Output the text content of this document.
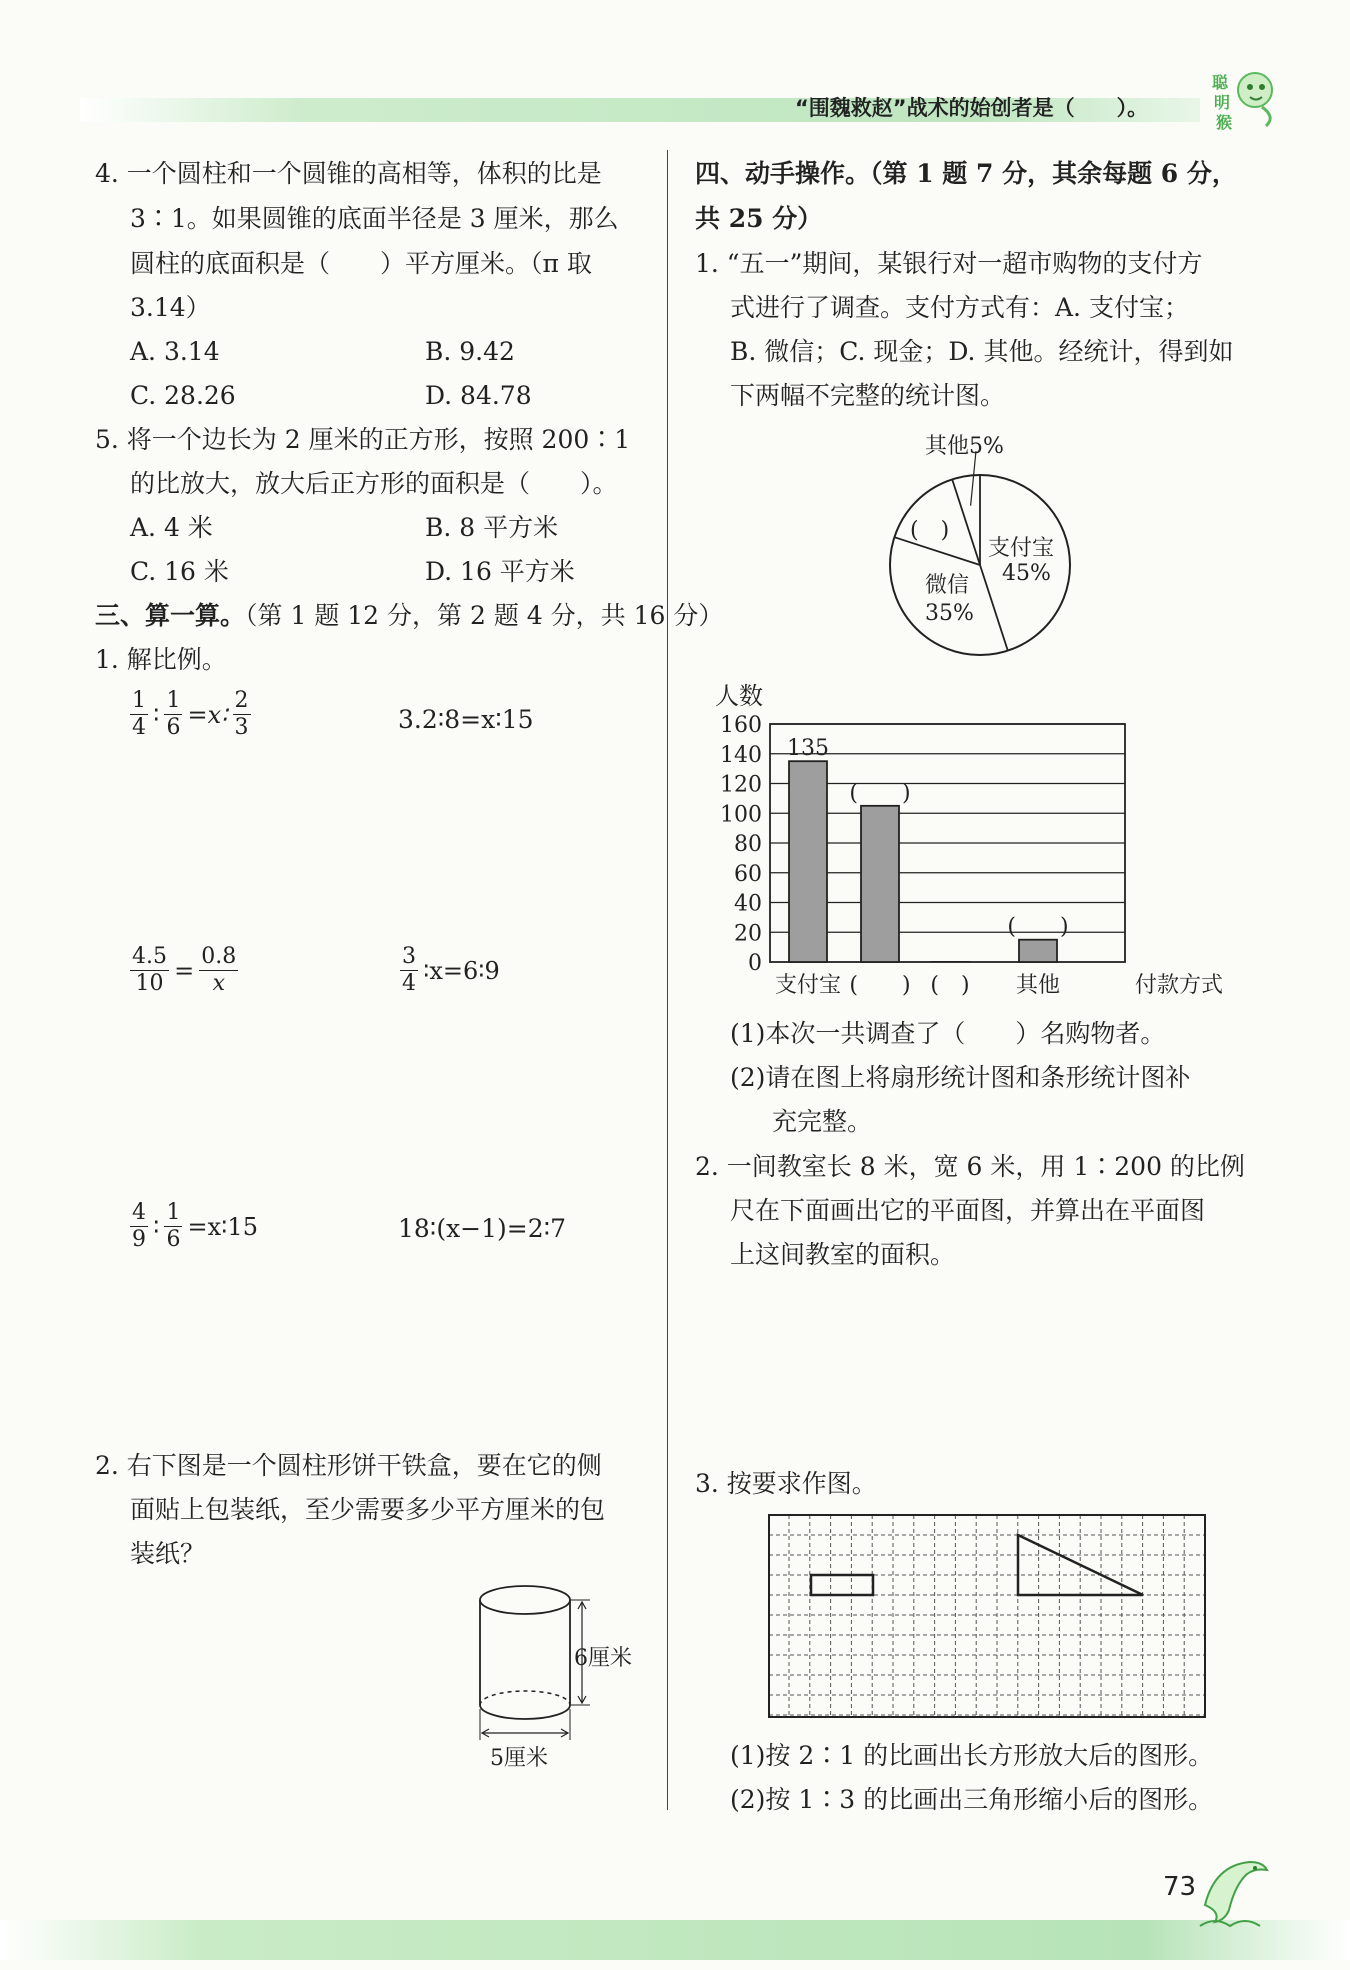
“围魏救赵”战术的始创者是（　　）。
聪
明
猴
4. 一个圆柱和一个圆锥的高相等，体积的比是
3∶1。如果圆锥的底面半径是 3 厘米，那么
圆柱的底面积是（　　）平方厘米。（π 取
3.14）
A. 3.14	B. 9.42
C. 28.26	D. 84.78
5. 将一个边长为 2 厘米的正方形，按照 200∶1
的比放大，放大后正方形的面积是（　　）。
A. 4 米	B. 8 平方米
C. 16 米	D. 16 平方米
三、算一算。（第 1 题 12 分，第 2 题 4 分，共 16 分）
1. 解比例。
$\frac{1}{4}$ ∶ $\frac{1}{6}$ =x∶ $\frac{2}{3}$	3.2∶8=x∶15
$\frac{4.5}{10} = \frac{0.8}{x}$	$\frac{3}{4}$ ∶x=6∶9
$\frac{4}{9}$ ∶ $\frac{1}{6}$ =x∶15	18∶(x−1)=2∶7
2. 右下图是一个圆柱形饼干铁盒，要在它的侧
面贴上包装纸，至少需要多少平方厘米的包
装纸？
6厘米
5厘米
四、动手操作。（第 1 题 7 分，其余每题 6 分，
共 25 分）
1. “五一”期间，某银行对一超市购物的支付方
式进行了调查。支付方式有：A. 支付宝；
B. 微信；C. 现金；D. 其他。经统计，得到如
下两幅不完整的统计图。
其他5%
支付宝
45%
微信
35%
(　)
0
20
40
60
80
100
120
140
160
人数
135
支付宝
(　　)
(　　) (　)
(　　)
其他	付款方式
(1)本次一共调查了（　　）名购物者。
(2)请在图上将扇形统计图和条形统计图补
充完整。
2. 一间教室长 8 米，宽 6 米，用 1∶200 的比例
尺在下面画出它的平面图，并算出在平面图
上这间教室的面积。
3. 按要求作图。
(1)按 2∶1 的比画出长方形放大后的图形。
(2)按 1∶3 的比画出三角形缩小后的图形。
73
